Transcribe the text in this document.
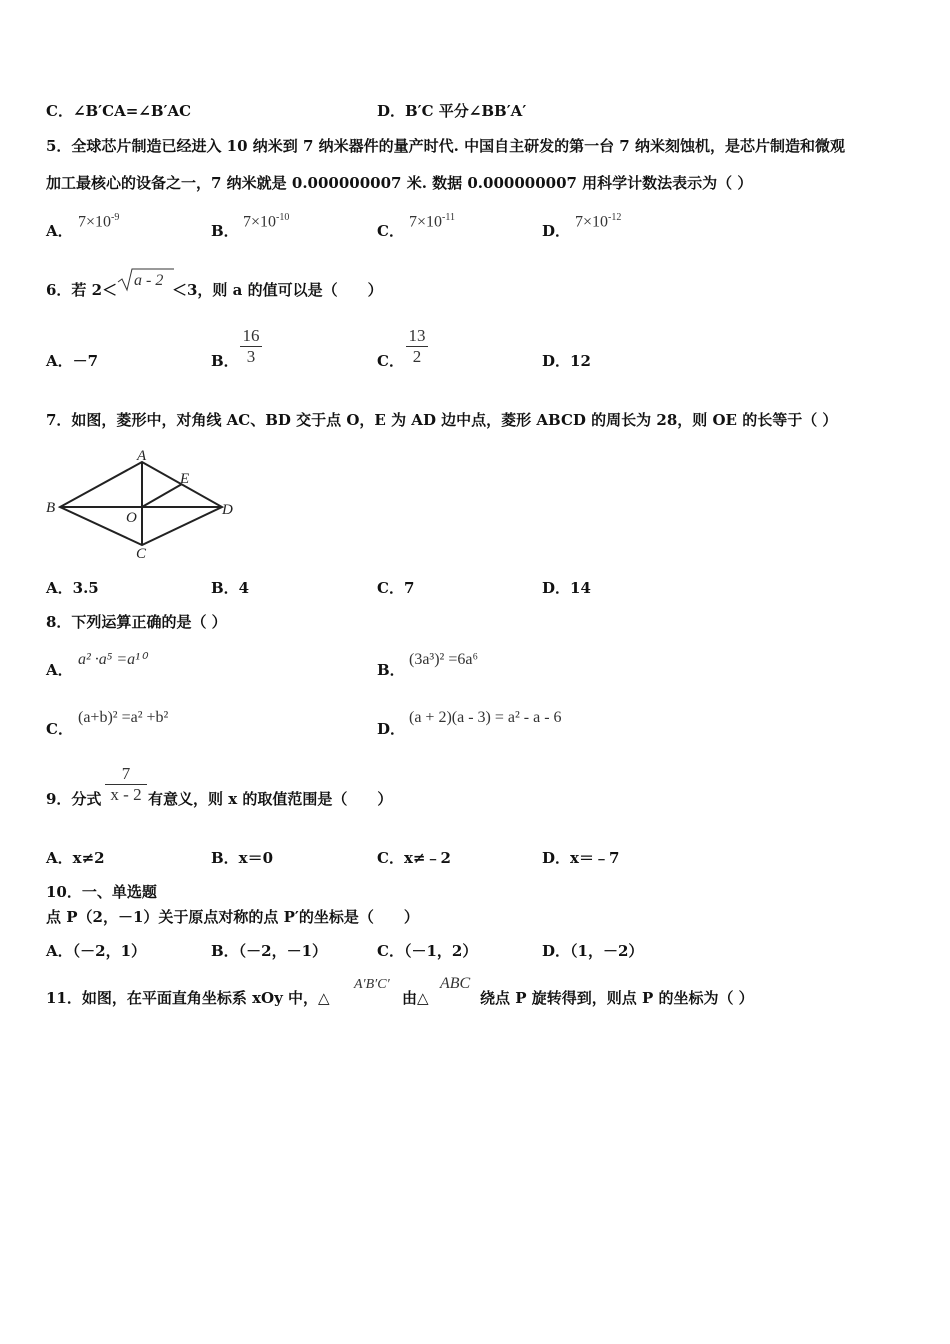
C．∠B′CA=∠B′AC	D．B′C 平分∠BB′A′
5．全球芯片制造已经进入 10 纳米到 7 纳米器件的量产时代. 中国自主研发的第一台 7 纳米刻蚀机，是芯片制造和微观
加工最核心的设备之一，7 纳米就是 0.000000007 米. 数据 0.000000007 用科学计数法表示为（ ）
A．
$7\times 10^{-9}$
B．
$7\times 10^{-10}$
C．
$7\times 10^{-11}$
D．
$7\times 10^{-12}$
6．若 2＜
a - 2
＜3，则 a 的值可以是（　　）
A．－7	B．
16
3	C．
13
2	D．12
7．如图，菱形中，对角线 AC、BD 交于点 O，E 为 AD 边中点，菱形 ABCD 的周长为 28，则 OE 的长等于（ ）
A
B
C
D
E
O
A．3.5	B．4	C．7	D．14
8．下列运算正确的是（ ）
A．
a² ·a⁵ =a¹⁰
B．
(3a³)² =6a⁶
C．
(a+b)² =a² +b²
D．
(a + 2)(a - 3) = a² - a - 6
9．分式
7
x - 2 有意义，则 x 的取值范围是（　　）
A．x≠2	B．x＝0	C．x≠﹣2	D．x＝﹣7
10．一、单选题
点 P（2，－1）关于原点对称的点 P′的坐标是（　　）
A．（－2，1）	B．（－2，－1）	C．（－1，2）	D．（1，－2）
11．如图，在平面直角坐标系 xOy 中，△
A′B′C′
由△
ABC
绕点 P 旋转得到，则点 P 的坐标为（ ）
